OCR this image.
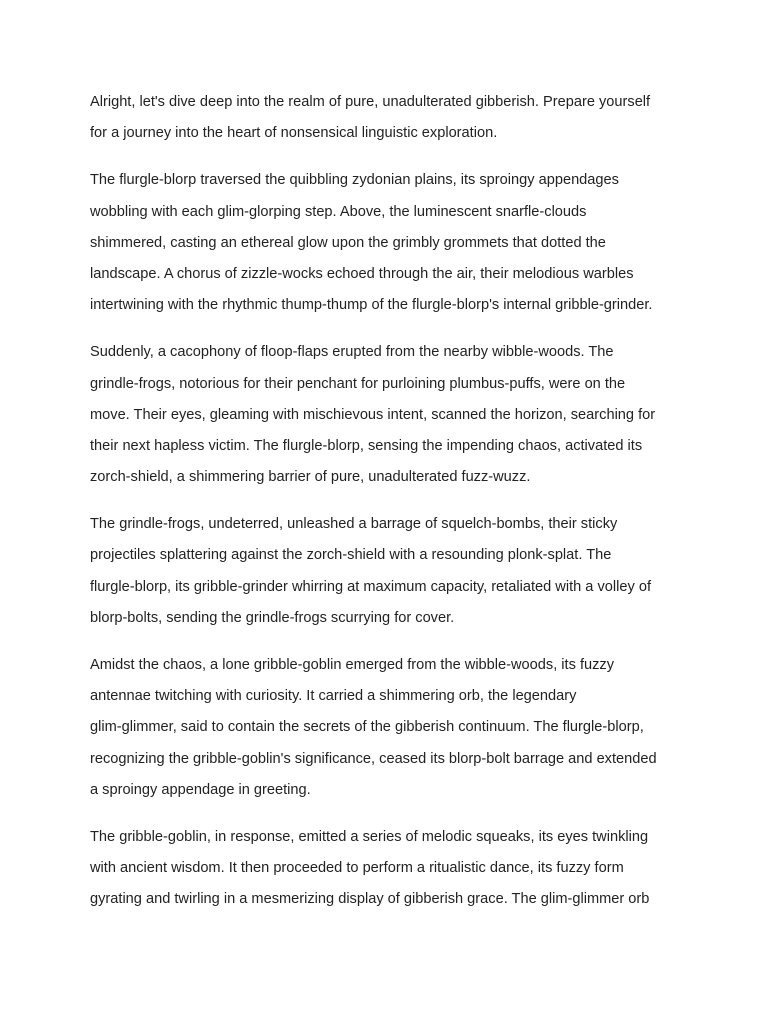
Alright, let's dive deep into the realm of pure, unadulterated gibberish. Prepare yourself
for a journey into the heart of nonsensical linguistic exploration.

The flurgle-blorp traversed the quibbling zydonian plains, its sproingy appendages
wobbling with each glim-glorping step. Above, the luminescent snarfle-clouds
shimmered, casting an ethereal glow upon the grimbly grommets that dotted the
landscape. A chorus of zizzle-wocks echoed through the air, their melodious warbles
intertwining with the rhythmic thump-thump of the flurgle-blorp's internal gribble-grinder.

Suddenly, a cacophony of floop-flaps erupted from the nearby wibble-woods. The
grindle-frogs, notorious for their penchant for purloining plumbus-puffs, were on the
move. Their eyes, gleaming with mischievous intent, scanned the horizon, searching for
their next hapless victim. The flurgle-blorp, sensing the impending chaos, activated its
zorch-shield, a shimmering barrier of pure, unadulterated fuzz-wuzz.

The grindle-frogs, undeterred, unleashed a barrage of squelch-bombs, their sticky
projectiles splattering against the zorch-shield with a resounding plonk-splat. The
flurgle-blorp, its gribble-grinder whirring at maximum capacity, retaliated with a volley of
blorp-bolts, sending the grindle-frogs scurrying for cover.

Amidst the chaos, a lone gribble-goblin emerged from the wibble-woods, its fuzzy
antennae twitching with curiosity. It carried a shimmering orb, the legendary
glim-glimmer, said to contain the secrets of the gibberish continuum. The flurgle-blorp,
recognizing the gribble-goblin's significance, ceased its blorp-bolt barrage and extended
a sproingy appendage in greeting.

The gribble-goblin, in response, emitted a series of melodic squeaks, its eyes twinkling
with ancient wisdom. It then proceeded to perform a ritualistic dance, its fuzzy form
gyrating and twirling in a mesmerizing display of gibberish grace. The glim-glimmer orb
